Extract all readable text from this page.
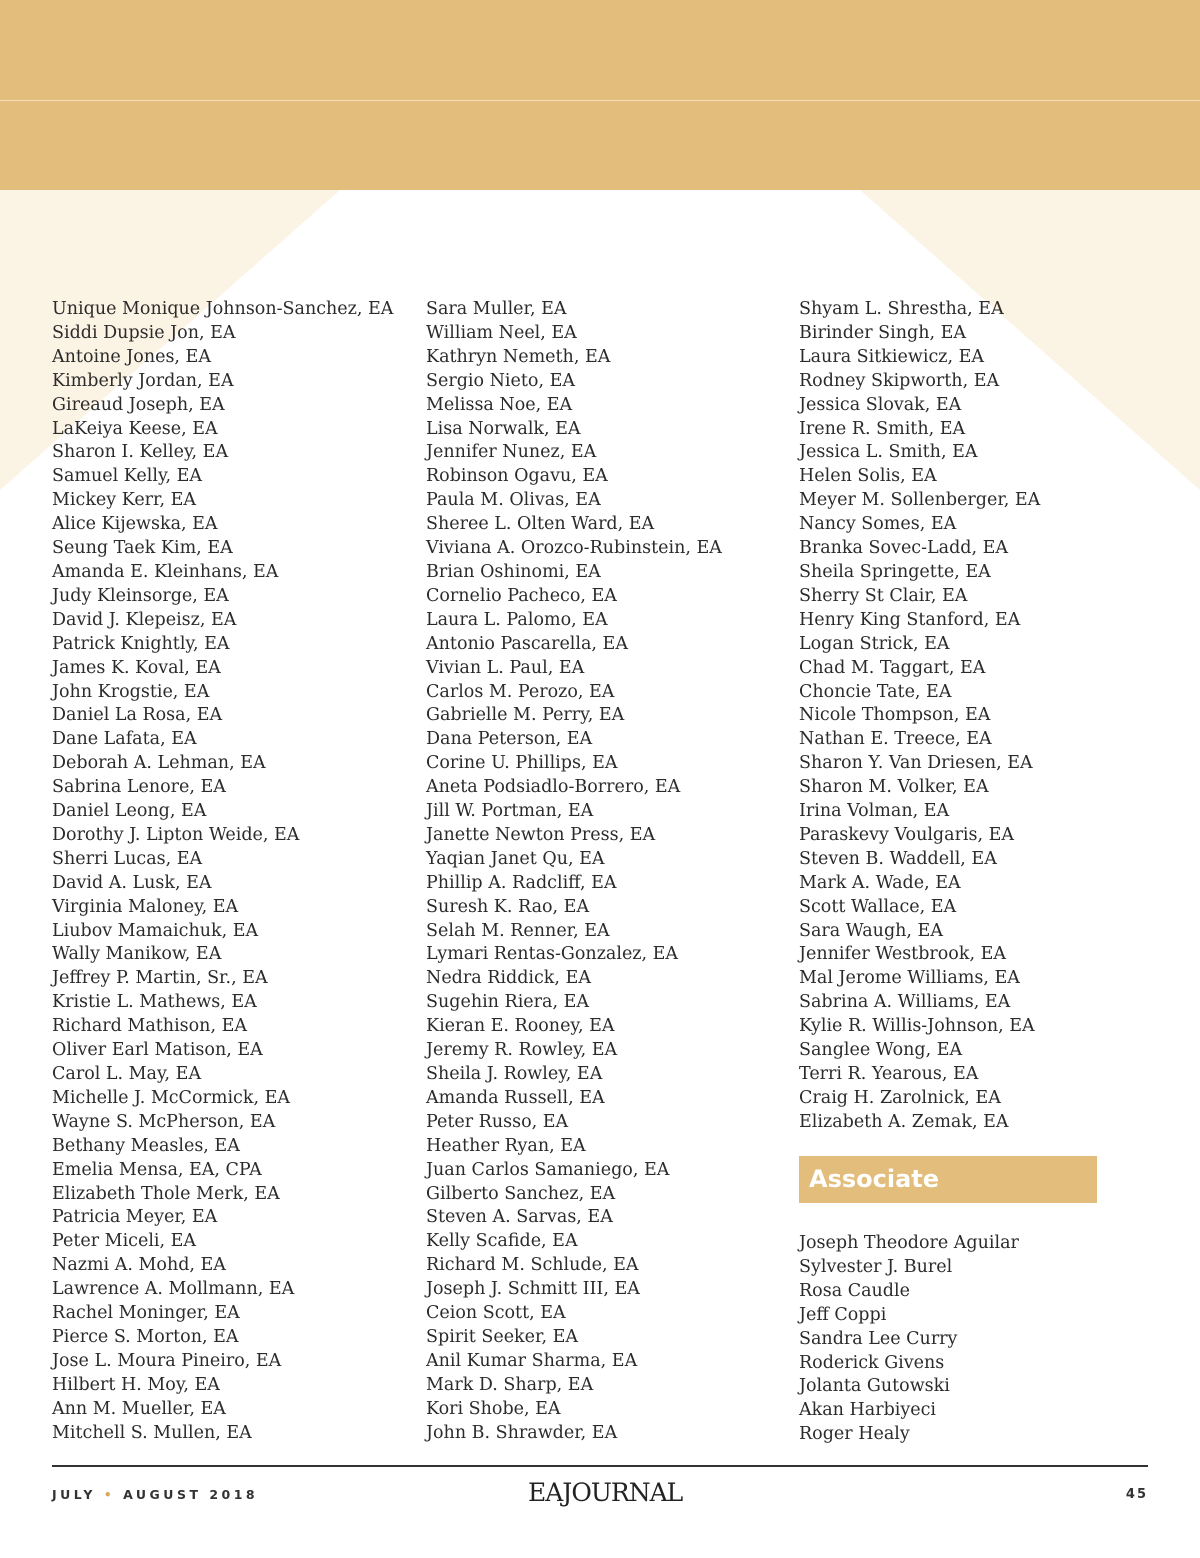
Unique Monique Johnson-Sanchez, EA
Siddi Dupsie Jon, EA
Antoine Jones, EA
Kimberly Jordan, EA
Gireaud Joseph, EA
LaKeiya Keese, EA
Sharon I. Kelley, EA
Samuel Kelly, EA
Mickey Kerr, EA
Alice Kijewska, EA
Seung Taek Kim, EA
Amanda E. Kleinhans, EA
Judy Kleinsorge, EA
David J. Klepeisz, EA
Patrick Knightly, EA
James K. Koval, EA
John Krogstie, EA
Daniel La Rosa, EA
Dane Lafata, EA
Deborah A. Lehman, EA
Sabrina Lenore, EA
Daniel Leong, EA
Dorothy J. Lipton Weide, EA
Sherri Lucas, EA
David A. Lusk, EA
Virginia Maloney, EA
Liubov Mamaichuk, EA
Wally Manikow, EA
Jeffrey P. Martin, Sr., EA
Kristie L. Mathews, EA
Richard Mathison, EA
Oliver Earl Matison, EA
Carol L. May, EA
Michelle J. McCormick, EA
Wayne S. McPherson, EA
Bethany Measles, EA
Emelia Mensa, EA, CPA
Elizabeth Thole Merk, EA
Patricia Meyer, EA
Peter Miceli, EA
Nazmi A. Mohd, EA
Lawrence A. Mollmann, EA
Rachel Moninger, EA
Pierce S. Morton, EA
Jose L. Moura Pineiro, EA
Hilbert H. Moy, EA
Ann M. Mueller, EA
Mitchell S. Mullen, EA
Sara Muller, EA
William Neel, EA
Kathryn Nemeth, EA
Sergio Nieto, EA
Melissa Noe, EA
Lisa Norwalk, EA
Jennifer Nunez, EA
Robinson Ogavu, EA
Paula M. Olivas, EA
Sheree L. Olten Ward, EA
Viviana A. Orozco-Rubinstein, EA
Brian Oshinomi, EA
Cornelio Pacheco, EA
Laura L. Palomo, EA
Antonio Pascarella, EA
Vivian L. Paul, EA
Carlos M. Perozo, EA
Gabrielle M. Perry, EA
Dana Peterson, EA
Corine U. Phillips, EA
Aneta Podsiadlo-Borrero, EA
Jill W. Portman, EA
Janette Newton Press, EA
Yaqian Janet Qu, EA
Phillip A. Radcliff, EA
Suresh K. Rao, EA
Selah M. Renner, EA
Lymari Rentas-Gonzalez, EA
Nedra Riddick, EA
Sugehin Riera, EA
Kieran E. Rooney, EA
Jeremy R. Rowley, EA
Sheila J. Rowley, EA
Amanda Russell, EA
Peter Russo, EA
Heather Ryan, EA
Juan Carlos Samaniego, EA
Gilberto Sanchez, EA
Steven A. Sarvas, EA
Kelly Scafide, EA
Richard M. Schlude, EA
Joseph J. Schmitt III, EA
Ceion Scott, EA
Spirit Seeker, EA
Anil Kumar Sharma, EA
Mark D. Sharp, EA
Kori Shobe, EA
John B. Shrawder, EA
Shyam L. Shrestha, EA
Birinder Singh, EA
Laura Sitkiewicz, EA
Rodney Skipworth, EA
Jessica Slovak, EA
Irene R. Smith, EA
Jessica L. Smith, EA
Helen Solis, EA
Meyer M. Sollenberger, EA
Nancy Somes, EA
Branka Sovec-Ladd, EA
Sheila Springette, EA
Sherry St Clair, EA
Henry King Stanford, EA
Logan Strick, EA
Chad M. Taggart, EA
Choncie Tate, EA
Nicole Thompson, EA
Nathan E. Treece, EA
Sharon Y. Van Driesen, EA
Sharon M. Volker, EA
Irina Volman, EA
Paraskevy Voulgaris, EA
Steven B. Waddell, EA
Mark A. Wade, EA
Scott Wallace, EA
Sara Waugh, EA
Jennifer Westbrook, EA
Mal Jerome Williams, EA
Sabrina A. Williams, EA
Kylie R. Willis-Johnson, EA
Sanglee Wong, EA
Terri R. Yearous, EA
Craig H. Zarolnick, EA
Elizabeth A. Zemak, EA
Associate
Joseph Theodore Aguilar
Sylvester J. Burel
Rosa Caudle
Jeff Coppi
Sandra Lee Curry
Roderick Givens
Jolanta Gutowski
Akan Harbiyeci
Roger Healy
JULY • AUGUST 2018	EAJOURNAL	45
